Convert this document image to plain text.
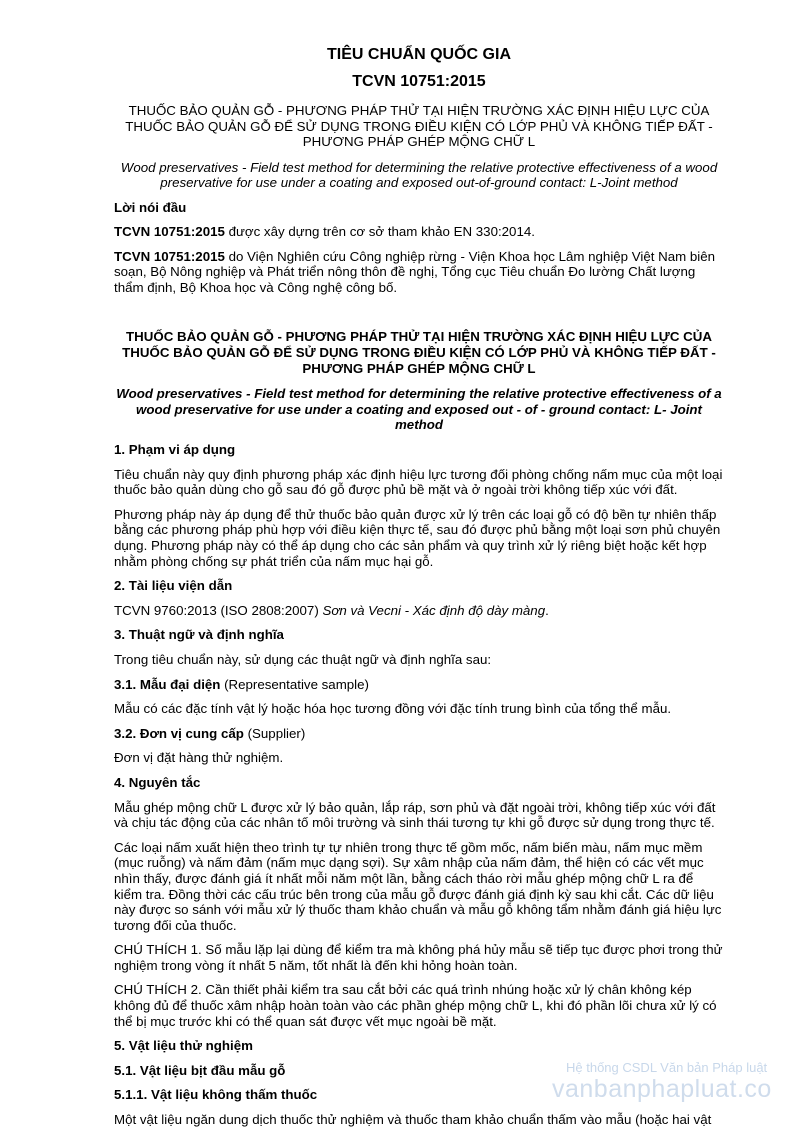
TIÊU CHUẨN QUỐC GIA
TCVN 10751:2015
THUỐC BẢO QUẢN GỖ - PHƯƠNG PHÁP THỬ TẠI HIỆN TRƯỜNG XÁC ĐỊNH HIỆU LỰC CỦA THUỐC BẢO QUẢN GỖ ĐỂ SỬ DỤNG TRONG ĐIỀU KIỆN CÓ LỚP PHỦ VÀ KHÔNG TIẾP ĐẤT - PHƯƠNG PHÁP GHÉP MỘNG CHỮ L
Wood preservatives - Field test method for determining the relative protective effectiveness of a wood preservative for use under a coating and exposed out-of-ground contact: L-Joint method
Lời nói đầu

TCVN 10751:2015 được xây dựng trên cơ sở tham khảo EN 330:2014.

TCVN 10751:2015 do Viện Nghiên cứu Công nghiệp rừng - Viện Khoa học Lâm nghiệp Việt Nam biên soạn, Bộ Nông nghiệp và Phát triển nông thôn đề nghị, Tổng cục Tiêu chuẩn Đo lường Chất lượng thẩm định, Bộ Khoa học và Công nghệ công bố.

THUỐC BẢO QUẢN GỖ - PHƯƠNG PHÁP THỬ TẠI HIỆN TRƯỜNG XÁC ĐỊNH HIỆU LỰC CỦA THUỐC BẢO QUẢN GỖ ĐỂ SỬ DỤNG TRONG ĐIỀU KIỆN CÓ LỚP PHỦ VÀ KHÔNG TIẾP ĐẤT - PHƯƠNG PHÁP GHÉP MỘNG CHỮ L
Wood preservatives - Field test method for determining the relative protective effectiveness of a wood preservative for use under a coating and exposed out - of - ground contact: L- Joint method
1. Phạm vi áp dụng

Tiêu chuẩn này quy định phương pháp xác định hiệu lực tương đối phòng chống nấm mục của một loại thuốc bảo quản dùng cho gỗ sau đó gỗ được phủ bề mặt và ở ngoài trời không tiếp xúc với đất.

Phương pháp này áp dụng để thử thuốc bảo quản được xử lý trên các loại gỗ có độ bền tự nhiên thấp bằng các phương pháp phù hợp với điều kiện thực tế, sau đó được phủ bằng một loại sơn phủ chuyên dụng. Phương pháp này có thể áp dụng cho các sản phẩm và quy trình xử lý riêng biệt hoặc kết hợp nhằm phòng chống sự phát triển của nấm mục hại gỗ.

2. Tài liệu viện dẫn

TCVN 9760:2013 (ISO 2808:2007) Sơn và Vecni - Xác định độ dày màng.

3. Thuật ngữ và định nghĩa

Trong tiêu chuẩn này, sử dụng các thuật ngữ và định nghĩa sau:

3.1. Mẫu đại diện (Representative sample)

Mẫu có các đặc tính vật lý hoặc hóa học tương đồng với đặc tính trung bình của tổng thể mẫu.

3.2. Đơn vị cung cấp (Supplier)

Đơn vị đặt hàng thử nghiệm.

4. Nguyên tắc

Mẫu ghép mộng chữ L được xử lý bảo quản, lắp ráp, sơn phủ và đặt ngoài trời, không tiếp xúc với đất và chịu tác động của các nhân tố môi trường và sinh thái tương tự khi gỗ được sử dụng trong thực tế.

Các loại nấm xuất hiện theo trình tự tự nhiên trong thực tế gồm mốc, nấm biến màu, nấm mục mềm (mục ruỗng) và nấm đảm (nấm mục dạng sợi). Sự xâm nhập của nấm đảm, thể hiện có các vết mục nhìn thấy, được đánh giá ít nhất mỗi năm một lần, bằng cách tháo rời mẫu ghép mộng chữ L ra để kiểm tra. Đồng thời các cấu trúc bên trong của mẫu gỗ được đánh giá định kỳ sau khi cắt. Các dữ liệu này được so sánh với mẫu xử lý thuốc tham khảo chuẩn và mẫu gỗ không tẩm nhằm đánh giá hiệu lực tương đối của thuốc.

CHÚ THÍCH 1. Số mẫu lặp lại dùng để kiểm tra mà không phá hủy mẫu sẽ tiếp tục được phơi trong thử nghiệm trong vòng ít nhất 5 năm, tốt nhất là đến khi hỏng hoàn toàn.

CHÚ THÍCH 2. Cần thiết phải kiểm tra sau cắt bởi các quá trình nhúng hoặc xử lý chân không kép không đủ để thuốc xâm nhập hoàn toàn vào các phần ghép mộng chữ L, khi đó phần lõi chưa xử lý có thể bị mục trước khi có thể quan sát được vết mục ngoài bề mặt.

5. Vật liệu thử nghiệm
5.1. Vật liệu bịt đầu mẫu gỗ
5.1.1. Vật liệu không thấm thuốc

Một vật liệu ngăn dung dịch thuốc thử nghiệm và thuốc tham khảo chuẩn thấm vào mẫu (hoặc hai vật

Hệ thống CSDL Văn bản Pháp luật
vanbanphapluat.co
